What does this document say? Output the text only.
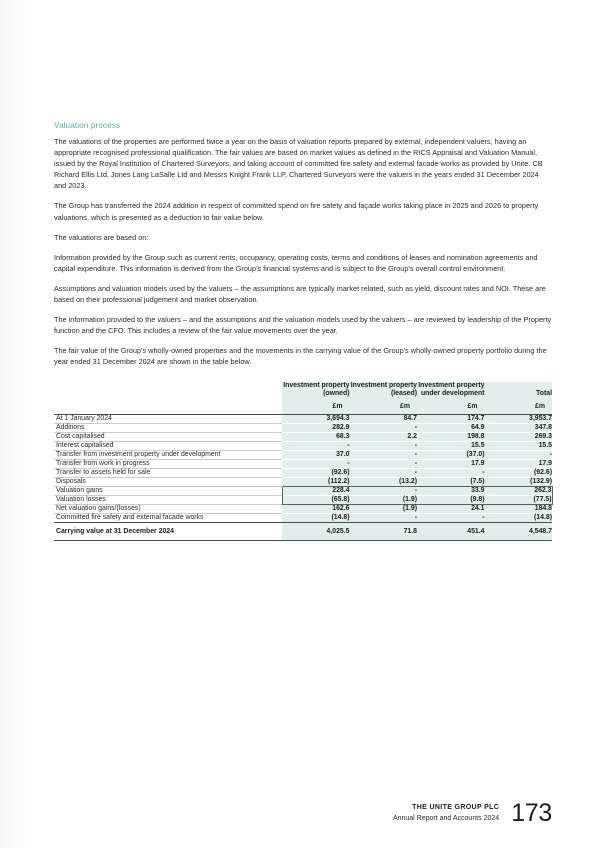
Valuation process

The valuations of the properties are performed twice a year on the basis of valuation reports prepared by external, independent valuers, having an appropriate recognised professional qualification. The fair values are based on market values as defined in the RICS Appraisal and Valuation Manual, issued by the Royal Institution of Chartered Surveyors, and taking account of committed fire safety and external facade works as provided by Unite. CB Richard Ellis Ltd, Jones Lang LaSalle Ltd and Messrs Knight Frank LLP, Chartered Surveyors were the valuers in the years ended 31 December 2024 and 2023.

The Group has transferred the 2024 addition in respect of committed spend on fire safety and façade works taking place in 2025 and 2026 to property valuations, which is presented as a deduction to fair value below.

The valuations are based on:

Information provided by the Group such as current rents, occupancy, operating costs, terms and conditions of leases and nomination agreements and capital expenditure. This information is derived from the Group's financial systems and is subject to the Group's overall control environment.

Assumptions and valuation models used by the valuers – the assumptions are typically market related, such as yield, discount rates and NOI. These are based on their professional judgement and market observation.

The information provided to the valuers – and the assumptions and the valuation models used by the valuers – are reviewed by leadership of the Property function and the CFO. This includes a review of the fair value movements over the year.

The fair value of the Group's wholly-owned properties and the movements in the carrying value of the Group's wholly-owned property portfolio during the year ended 31 December 2024 are shown in the table below.

	Investment property (owned)	Investment property (leased)	Investment property under development	Total
	£m	£m	£m	£m
At 1 January 2024	3,694.3	84.7	174.7	3,953.7
Additions	282.9	-	64.9	347.8
Cost capitalised	68.3	2.2	198.8	269.3
Interest capitalised	-	-	15.5	15.5
Transfer from investment property under development	37.0	-	(37.0)	-
Transfer from work in progress	-	-	17.9	17.9
Transfer to assets held for sale	(92.6)	-	-	(92.6)
Disposals	(112.2)	(13.2)	(7.5)	(132.9)
Valuation gains	228.4	-	33.9	262.3
Valuation losses	(65.8)	(1.9)	(9.8)	(77.5)
Net valuation gains/(losses)	162.6	(1.9)	24.1	184.8
Committed fire safety and external facade works	(14.8)	-	-	(14.8)
Carrying value at 31 December 2024	4,025.5	71.8	451.4	4,548.7
THE UNITE GROUP PLC
Annual Report and Accounts 2024 173
